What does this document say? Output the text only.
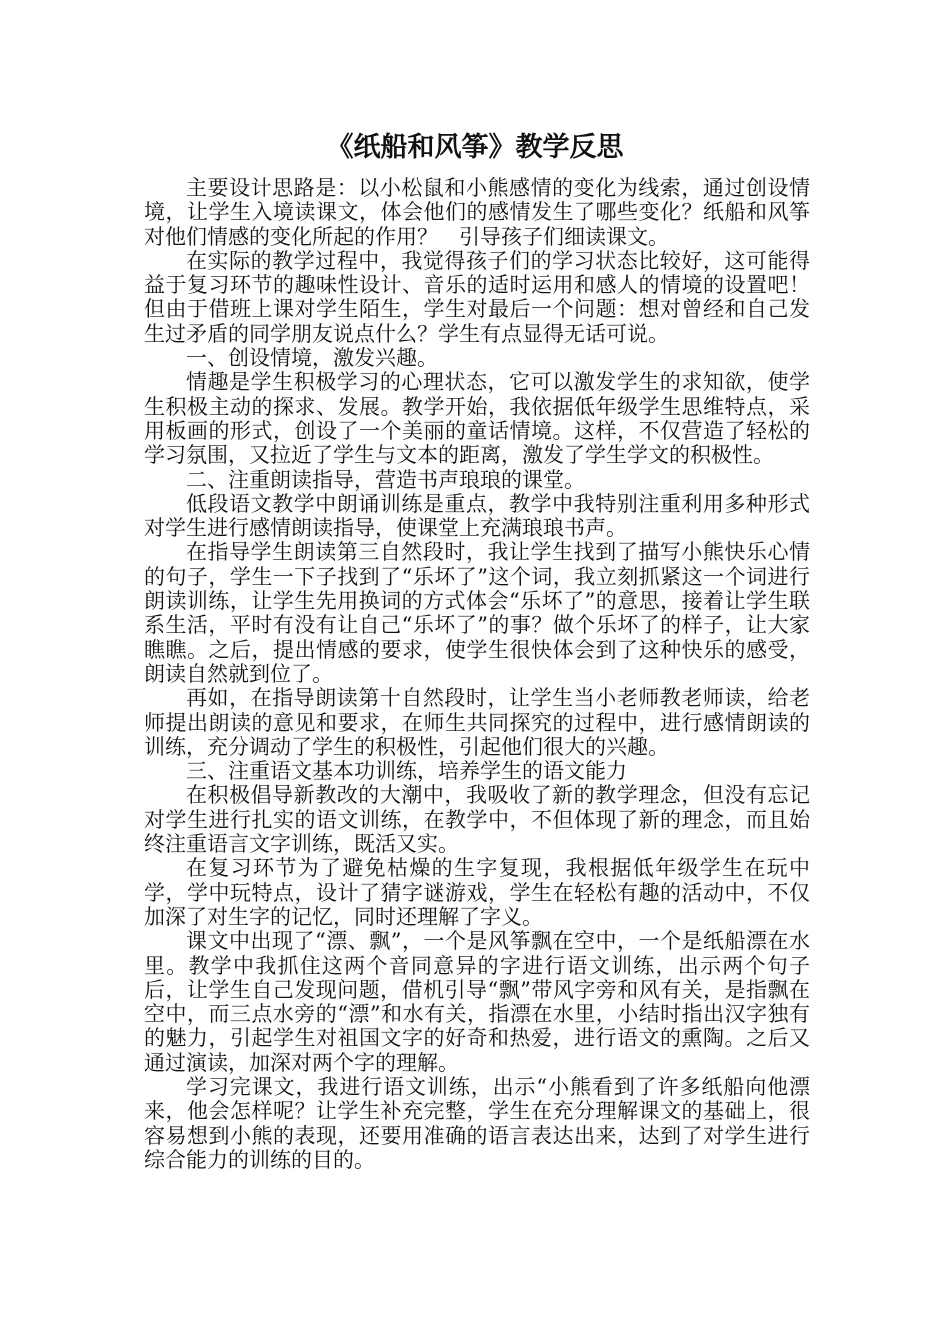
《纸船和风筝》教学反思

主要设计思路是：以小松鼠和小熊感情的变化为线索，通过创设情境，让学生入境读课文，体会他们的感情发生了哪些变化？纸船和风筝对他们情感的变化所起的作用？　引导孩子们细读课文。

在实际的教学过程中，我觉得孩子们的学习状态比较好，这可能得益于复习环节的趣味性设计、音乐的适时运用和感人的情境的设置吧！但由于借班上课对学生陌生，学生对最后一个问题：想对曾经和自己发生过矛盾的同学朋友说点什么？学生有点显得无话可说。

一、创设情境，激发兴趣。

情趣是学生积极学习的心理状态，它可以激发学生的求知欲，使学生积极主动的探求、发展。教学开始，我依据低年级学生思维特点，采用板画的形式，创设了一个美丽的童话情境。这样，不仅营造了轻松的学习氛围，又拉近了学生与文本的距离，激发了学生学文的积极性。

二、注重朗读指导，营造书声琅琅的课堂。

低段语文教学中朗诵训练是重点，教学中我特别注重利用多种形式对学生进行感情朗读指导，使课堂上充满琅琅书声。

在指导学生朗读第三自然段时，我让学生找到了描写小熊快乐心情的句子，学生一下子找到了“乐坏了”这个词，我立刻抓紧这一个词进行朗读训练，让学生先用换词的方式体会“乐坏了”的意思，接着让学生联系生活，平时有没有让自己“乐坏了”的事？做个乐坏了的样子，让大家瞧瞧。之后，提出情感的要求，使学生很快体会到了这种快乐的感受，朗读自然就到位了。

再如，在指导朗读第十自然段时，让学生当小老师教老师读，给老师提出朗读的意见和要求，在师生共同探究的过程中，进行感情朗读的训练，充分调动了学生的积极性，引起他们很大的兴趣。

三、注重语文基本功训练，培养学生的语文能力

在积极倡导新教改的大潮中，我吸收了新的教学理念，但没有忘记对学生进行扎实的语文训练，在教学中，不但体现了新的理念，而且始终注重语言文字训练，既活又实。

在复习环节为了避免枯燥的生字复现，我根据低年级学生在玩中学，学中玩特点，设计了猜字谜游戏，学生在轻松有趣的活动中，不仅加深了对生字的记忆，同时还理解了字义。

课文中出现了“漂、飘”，一个是风筝飘在空中，一个是纸船漂在水里。教学中我抓住这两个音同意异的字进行语文训练，出示两个句子后，让学生自己发现问题，借机引导“飘”带风字旁和风有关，是指飘在空中，而三点水旁的“漂”和水有关，指漂在水里，小结时指出汉字独有的魅力，引起学生对祖国文字的好奇和热爱，进行语文的熏陶。之后又通过演读，加深对两个字的理解。

学习完课文，我进行语文训练，出示“小熊看到了许多纸船向他漂来，他会怎样呢？让学生补充完整，学生在充分理解课文的基础上，很容易想到小熊的表现，还要用准确的语言表达出来，达到了对学生进行综合能力的训练的目的。
